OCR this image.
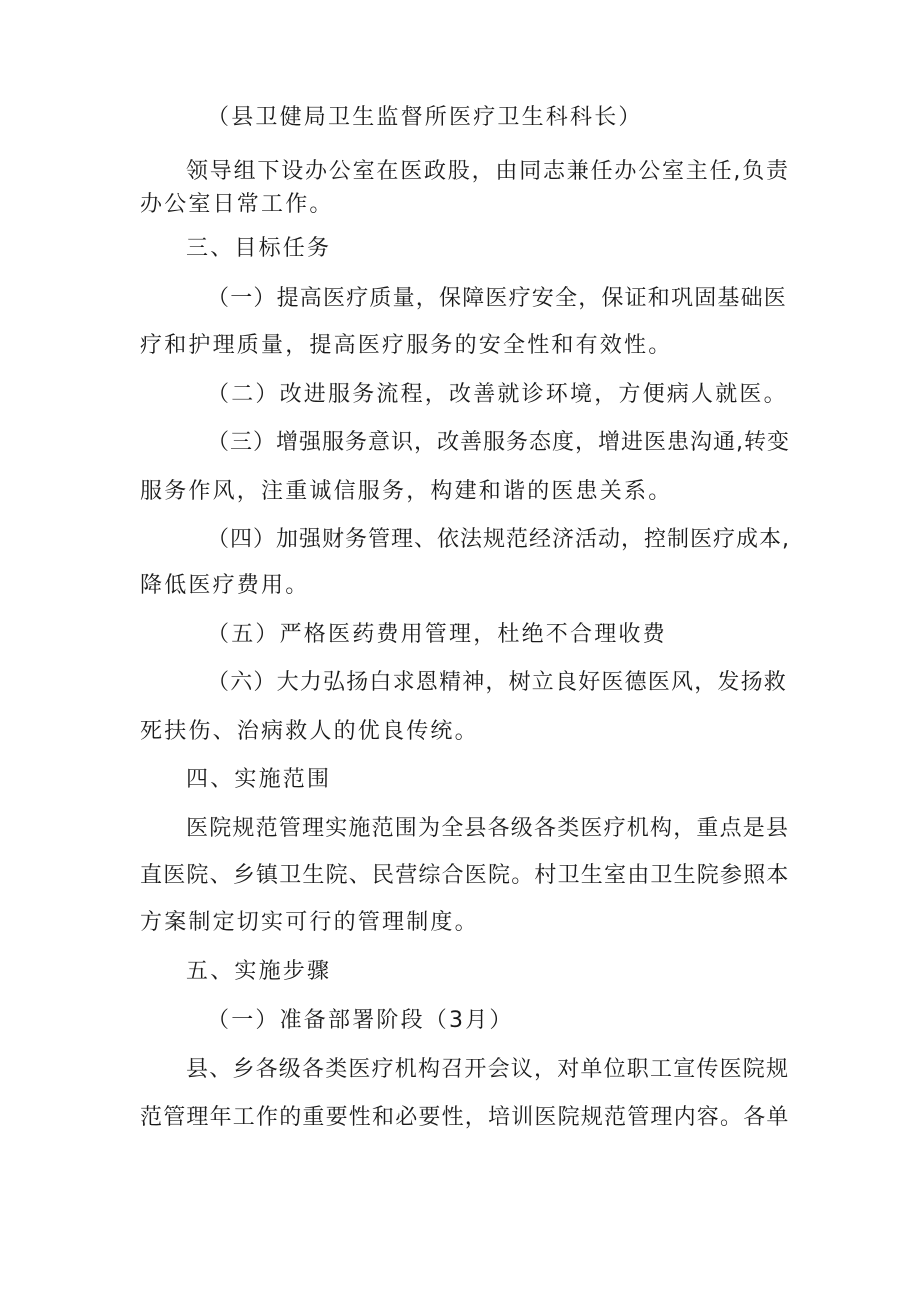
（县卫健局卫生监督所医疗卫生科科长）
领导组下设办公室在医政股，由同志兼任办公室主任,负责
办公室日常工作。
三、目标任务
（一）提高医疗质量，保障医疗安全，保证和巩固基础医
疗和护理质量，提高医疗服务的安全性和有效性。
（二）改进服务流程，改善就诊环境，方便病人就医。
（三）增强服务意识，改善服务态度，增进医患沟通,转变
服务作风，注重诚信服务，构建和谐的医患关系。
（四）加强财务管理、依法规范经济活动，控制医疗成本,
降低医疗费用。
（五）严格医药费用管理，杜绝不合理收费
（六）大力弘扬白求恩精神，树立良好医德医风，发扬救
死扶伤、治病救人的优良传统。
四、实施范围
医院规范管理实施范围为全县各级各类医疗机构，重点是县
直医院、乡镇卫生院、民营综合医院。村卫生室由卫生院参照本
方案制定切实可行的管理制度。
五、实施步骤
（一）准备部署阶段（3月）
县、乡各级各类医疗机构召开会议，对单位职工宣传医院规
范管理年工作的重要性和必要性，培训医院规范管理内容。各单
